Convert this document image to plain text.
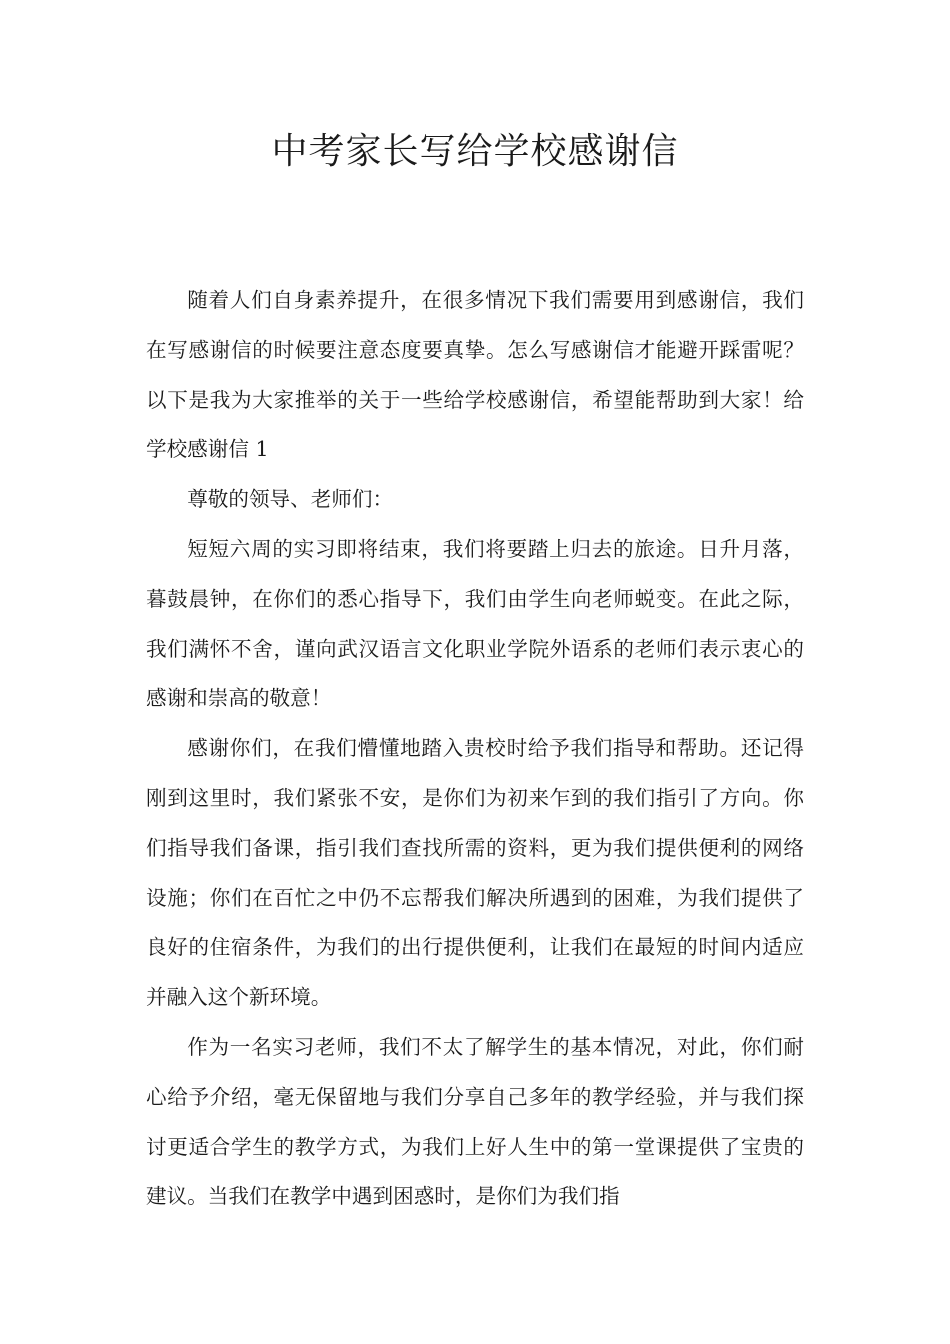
中考家长写给学校感谢信

随着人们自身素养提升，在很多情况下我们需要用到感谢信，我们在写感谢信的时候要注意态度要真挚。怎么写感谢信才能避开踩雷呢？以下是我为大家推举的关于一些给学校感谢信，希望能帮助到大家！给学校感谢信 1

尊敬的领导、老师们：

短短六周的实习即将结束，我们将要踏上归去的旅途。日升月落，暮鼓晨钟，在你们的悉心指导下，我们由学生向老师蜕变。在此之际，我们满怀不舍，谨向武汉语言文化职业学院外语系的老师们表示衷心的感谢和崇高的敬意！

感谢你们，在我们懵懂地踏入贵校时给予我们指导和帮助。还记得刚到这里时，我们紧张不安，是你们为初来乍到的我们指引了方向。你们指导我们备课，指引我们查找所需的资料，更为我们提供便利的网络设施；你们在百忙之中仍不忘帮我们解决所遇到的困难，为我们提供了良好的住宿条件，为我们的出行提供便利，让我们在最短的时间内适应并融入这个新环境。

作为一名实习老师，我们不太了解学生的基本情况，对此，你们耐心给予介绍，毫无保留地与我们分享自己多年的教学经验，并与我们探讨更适合学生的教学方式，为我们上好人生中的第一堂课提供了宝贵的建议。当我们在教学中遇到困惑时，是你们为我们指
